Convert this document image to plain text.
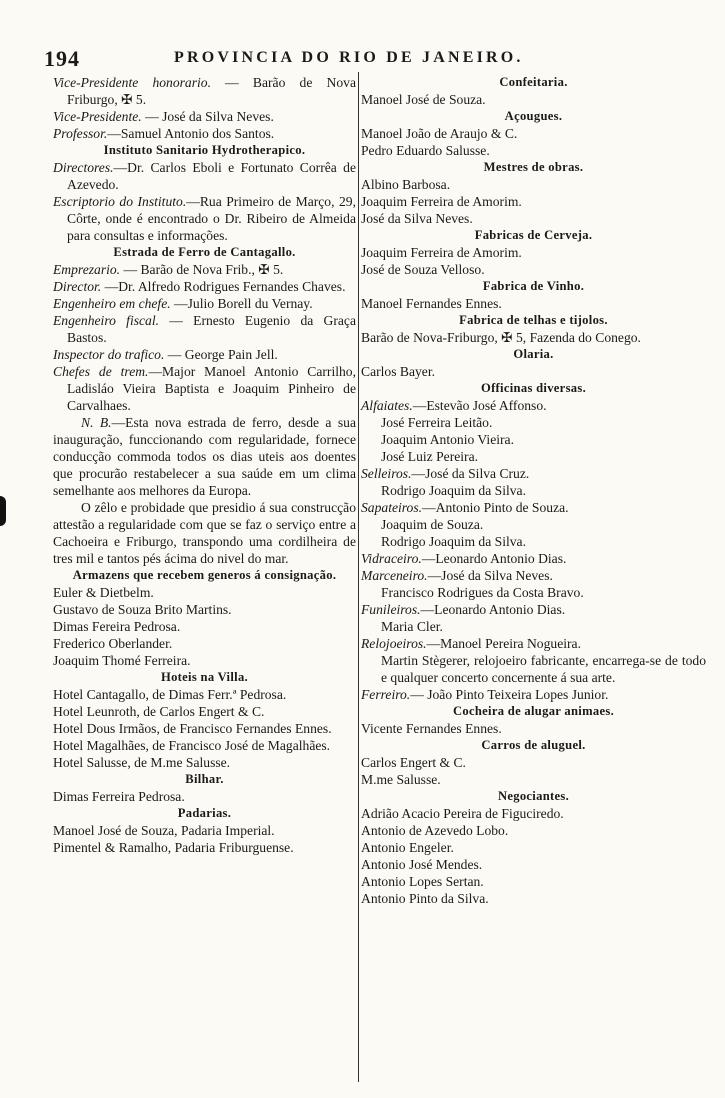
194	PROVINCIA DO RIO DE JANEIRO.
Vice-Presidente honorario. — Barão de Nova Friburgo, ✠ 5.
Vice-Presidente. — José da Silva Neves.
Professor.—Samuel Antonio dos Santos.
Instituto Sanitario Hydrotherapico.
Directores.—Dr. Carlos Eboli e Fortunato Corrêa de Azevedo.
Escriptorio do Instituto.—Rua Primeiro de Março, 29, Côrte, onde é encontrado o Dr. Ribeiro de Almeida para consultas e informações.
Estrada de Ferro de Cantagallo.
Emprezario. — Barão de Nova Frib., ✠ 5.
Director. —Dr. Alfredo Rodrigues Fernandes Chaves.
Engenheiro em chefe. —Julio Borell du Vernay.
Engenheiro fiscal. — Ernesto Eugenio da Graça Bastos.
Inspector do trafico. — George Pain Jell.
Chefes de trem.—Major Manoel Antonio Carrilho, Ladisláo Vieira Baptista e Joaquim Pinheiro de Carvalhaes.
N. B.—Esta nova estrada de ferro, desde a sua inauguração, funccionando com regularidade, fornece conducção commoda todos os dias uteis aos doentes que procurão restabelecer a sua saúde em um clima semelhante aos melhores da Europa.
O zêlo e probidade que presidio á sua construcção attestão a regularidade com que se faz o serviço entre a Cachoeira e Friburgo, transpondo uma cordilheira de tres mil e tantos pés ácima do nivel do mar.
Armazens que recebem generos á consignação.
Euler & Dietbelm.
Gustavo de Souza Brito Martins.
Dimas Fereira Pedrosa.
Frederico Oberlander.
Joaquim Thomé Ferreira.
Hoteis na Villa.
Hotel Cantagallo, de Dimas Ferr.ª Pedrosa.
Hotel Leunroth, de Carlos Engert & C.
Hotel Dous Irmãos, de Francisco Fernandes Ennes.
Hotel Magalhães, de Francisco José de Magalhães.
Hotel Salusse, de M.me Salusse.
Bilhar.
Dimas Ferreira Pedrosa.
Padarias.
Manoel José de Souza, Padaria Imperial.
Pimentel & Ramalho, Padaria Friburguense.
Confeitaria.
Manoel José de Souza.
Açougues.
Manoel João de Araujo & C.
Pedro Eduardo Salusse.
Mestres de obras.
Albino Barbosa.
Joaquim Ferreira de Amorim.
José da Silva Neves.
Fabricas de Cerveja.
Joaquim Ferreira de Amorim.
José de Souza Velloso.
Fabrica de Vinho.
Manoel Fernandes Ennes.
Fabrica de telhas e tijolos.
Barão de Nova-Friburgo, ✠ 5, Fazenda do Conego.
Olaria.
Carlos Bayer.
Officinas diversas.
Alfaiates.—Estevão José Affonso.
José Ferreira Leitão.
Joaquim Antonio Vieira.
José Luiz Pereira.
Selleiros.—José da Silva Cruz.
Rodrigo Joaquim da Silva.
Sapateiros.—Antonio Pinto de Souza.
Joaquim de Souza.
Rodrigo Joaquim da Silva.
Vidraceiro.—Leonardo Antonio Dias.
Marceneiro.—José da Silva Neves.
Francisco Rodrigues da Costa Bravo.
Funileiros.—Leonardo Antonio Dias.
Maria Cler.
Relojoeiros.—Manoel Pereira Nogueira.
Martin Stègerer, relojoeiro fabricante, encarrega-se de todo e qualquer concerto concernente á sua arte.
Ferreiro.— João Pinto Teixeira Lopes Junior.
Cocheira de alugar animaes.
Vicente Fernandes Ennes.
Carros de aluguel.
Carlos Engert & C.
M.me Salusse.
Negociantes.
Adrião Acacio Pereira de Figuciredo.
Antonio de Azevedo Lobo.
Antonio Engeler.
Antonio José Mendes.
Antonio Lopes Sertan.
Antonio Pinto da Silva.
